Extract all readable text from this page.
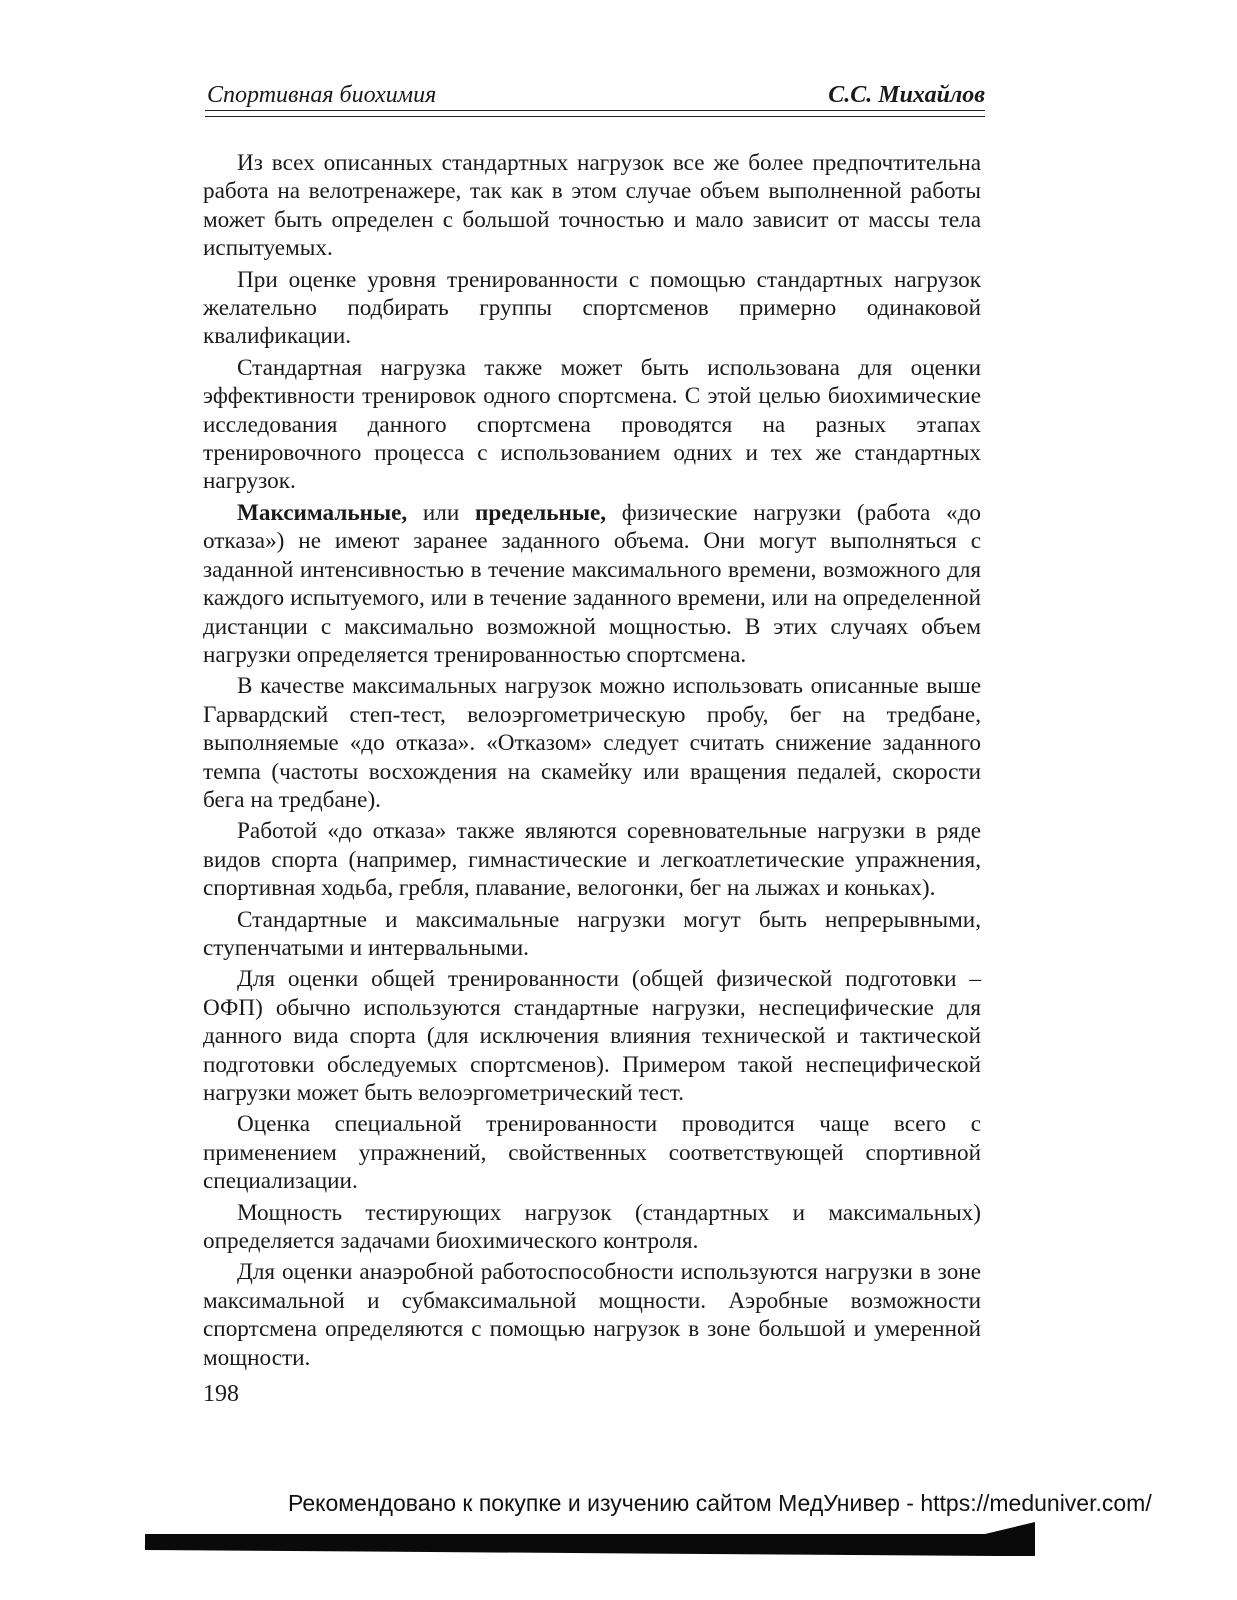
Спортивная биохимия	С.С. Михайлов

Из всех описанных стандартных нагрузок все же более предпочтительна работа на велотренажере, так как в этом случае объем выполненной работы может быть определен с большой точностью и мало зависит от массы тела испытуемых.

При оценке уровня тренированности с помощью стандартных нагрузок желательно подбирать группы спортсменов примерно одинаковой квалификации.

Стандартная нагрузка также может быть использована для оценки эффективности тренировок одного спортсмена. С этой целью биохимические исследования данного спортсмена проводятся на разных этапах тренировочного процесса с использованием одних и тех же стандартных нагрузок.

Максимальные, или предельные, физические нагрузки (работа «до отказа») не имеют заранее заданного объема. Они могут выполняться с заданной интенсивностью в течение максимального времени, возможного для каждого испытуемого, или в течение заданного времени, или на определенной дистанции с максимально возможной мощностью. В этих случаях объем нагрузки определяется тренированностью спортсмена.

В качестве максимальных нагрузок можно использовать описанные выше Гарвардский степ-тест, велоэргометрическую пробу, бег на тредбане, выполняемые «до отказа». «Отказом» следует считать снижение заданного темпа (частоты восхождения на скамейку или вращения педалей, скорости бега на тредбане).

Работой «до отказа» также являются соревновательные нагрузки в ряде видов спорта (например, гимнастические и легкоатлетические упражнения, спортивная ходьба, гребля, плавание, велогонки, бег на лыжах и коньках).

Стандартные и максимальные нагрузки могут быть непрерывными, ступенчатыми и интервальными.

Для оценки общей тренированности (общей физической подготовки – ОФП) обычно используются стандартные нагрузки, неспецифические для данного вида спорта (для исключения влияния технической и тактической подготовки обследуемых спортсменов). Примером такой неспецифической нагрузки может быть велоэргометрический тест.

Оценка специальной тренированности проводится чаще всего с применением упражнений, свойственных соответствующей спортивной специализации.

Мощность тестирующих нагрузок (стандартных и максимальных) определяется задачами биохимического контроля.

Для оценки анаэробной работоспособности используются нагрузки в зоне максимальной и субмаксимальной мощности. Аэробные возможности спортсмена определяются с помощью нагрузок в зоне большой и умеренной мощности.

198
Рекомендовано к покупке и изучению сайтом МедУнивер - https://meduniver.com/
